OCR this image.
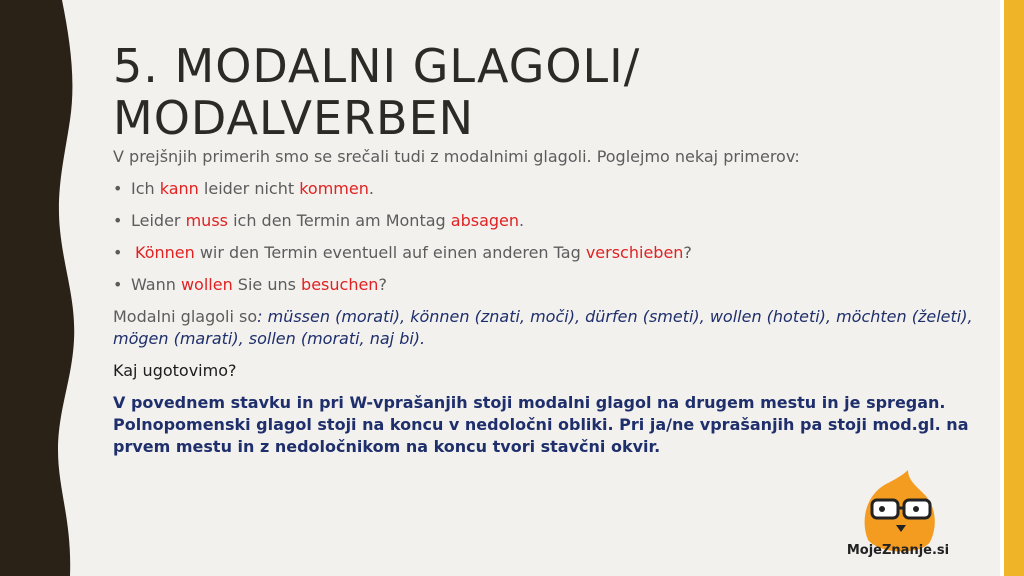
5. MODALNI GLAGOLI/
MODALVERBEN
V prejšnjih primerih smo se srečali tudi z modalnimi glagoli. Poglejmo nekaj primerov:
• Ich kann leider nicht kommen.
• Leider muss ich den Termin am Montag absagen.
• Können wir den Termin eventuell auf einen anderen Tag verschieben?
• Wann wollen Sie uns besuchen?
Modalni glagoli so: müssen (morati), können (znati, moči), dürfen (smeti), wollen (hoteti), möchten (želeti), mögen (marati), sollen (morati, naj bi).
Kaj ugotovimo?
V povednem stavku in pri W-vprašanjih stoji modalni glagol na drugem mestu in je spregan. Polnopomenski glagol stoji na koncu v nedoločni obliki. Pri ja/ne vprašanjih pa stoji mod.gl. na prvem mestu in z nedoločnikom na koncu tvori stavčni okvir.
MojeZnanje.si
